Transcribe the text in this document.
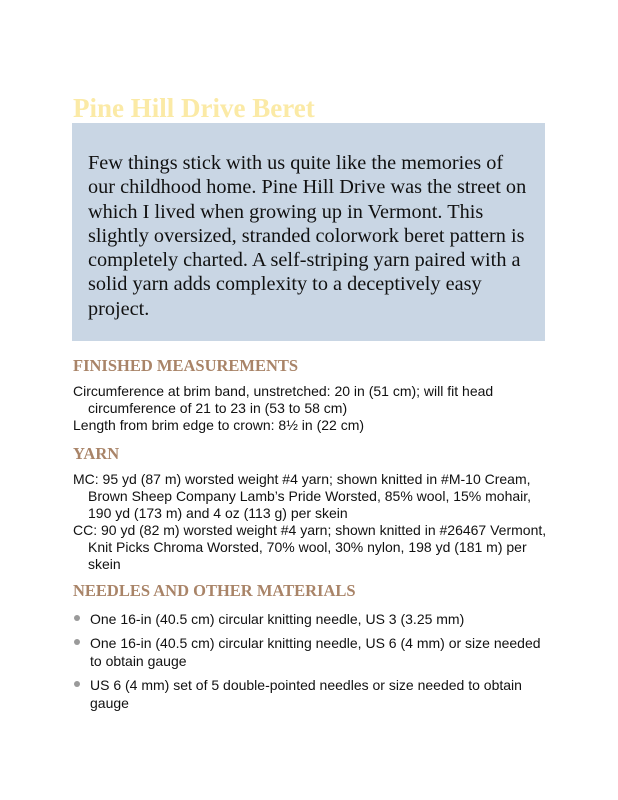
Pine Hill Drive Beret

Few things stick with us quite like the memories of our childhood home. Pine Hill Drive was the street on which I lived when growing up in Vermont. This slightly oversized, stranded colorwork beret pattern is completely charted. A self-striping yarn paired with a solid yarn adds complexity to a deceptively easy project.

FINISHED MEASUREMENTS

Circumference at brim band, unstretched: 20 in (51 cm); will fit head circumference of 21 to 23 in (53 to 58 cm)

Length from brim edge to crown: 8½ in (22 cm)

YARN

MC: 95 yd (87 m) worsted weight #4 yarn; shown knitted in #M-10 Cream, Brown Sheep Company Lamb’s Pride Worsted, 85% wool, 15% mohair, 190 yd (173 m) and 4 oz (113 g) per skein

CC: 90 yd (82 m) worsted weight #4 yarn; shown knitted in #26467 Vermont, Knit Picks Chroma Worsted, 70% wool, 30% nylon, 198 yd (181 m) per skein

NEEDLES AND OTHER MATERIALS
One 16-in (40.5 cm) circular knitting needle, US 3 (3.25 mm)
One 16-in (40.5 cm) circular knitting needle, US 6 (4 mm) or size needed to obtain gauge
US 6 (4 mm) set of 5 double-pointed needles or size needed to obtain gauge
